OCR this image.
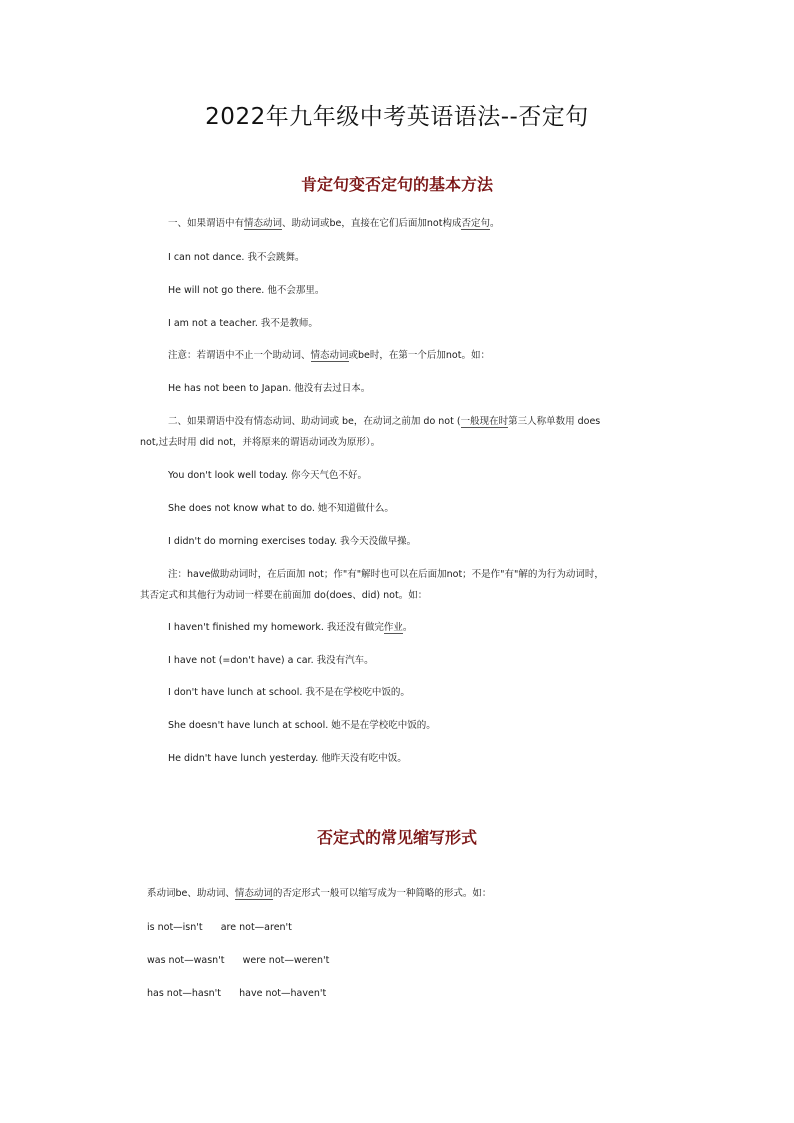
2022年九年级中考英语语法--否定句
肯定句变否定句的基本方法
一、如果谓语中有情态动词、助动词或be，直接在它们后面加not构成否定句。
I can not dance. 我不会跳舞。
He will not go there. 他不会那里。
I am not a teacher. 我不是教师。
注意：若谓语中不止一个助动词、情态动词或be时，在第一个后加not。如：
He has not been to Japan. 他没有去过日本。
二、如果谓语中没有情态动词、助动词或 be，在动词之前加 do not (一般现在时第三人称单数用 does
not,过去时用 did not，并将原来的谓语动词改为原形）。
You don't look well today. 你今天气色不好。
She does not know what to do. 她不知道做什么。
I didn't do morning exercises today. 我今天没做早操。
注：have做助动词时，在后面加 not；作"有"解时也可以在后面加not；不是作"有"解的为行为动词时，
其否定式和其他行为动词一样要在前面加 do(does、did) not。如：
I haven't finished my homework. 我还没有做完作业。
I have not (=don't have) a car. 我没有汽车。
I don't have lunch at school. 我不是在学校吃中饭的。
She doesn't have lunch at school. 她不是在学校吃中饭的。
He didn't have lunch yesterday. 他昨天没有吃中饭。
否定式的常见缩写形式
系动词be、助动词、情态动词的否定形式一般可以缩写成为一种简略的形式。如：
is not—isn't      are not—aren't
was not—wasn't      were not—weren't
has not—hasn't      have not—haven't
